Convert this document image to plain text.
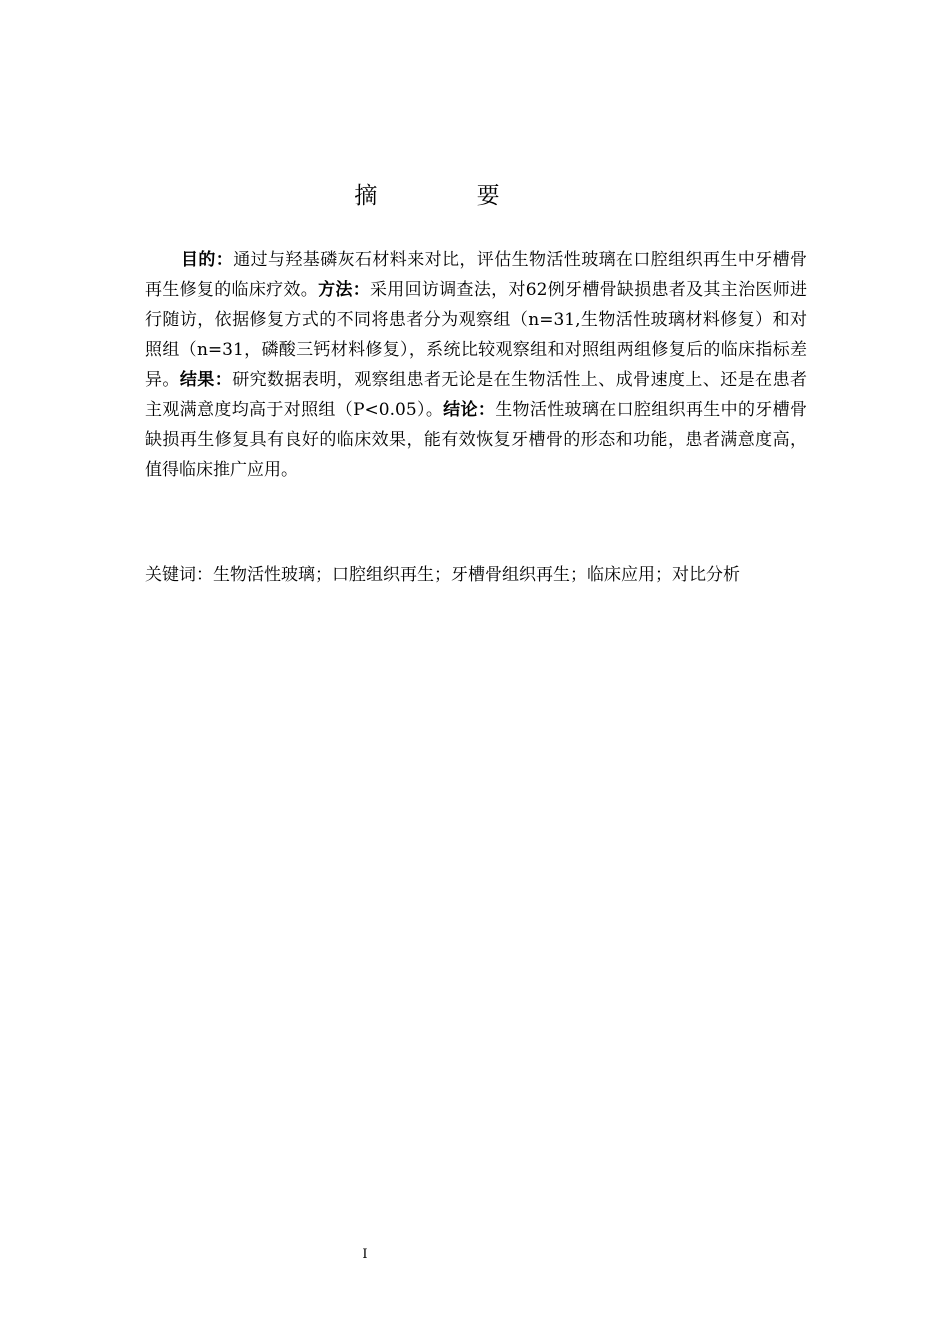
摘 要

目的：通过与羟基磷灰石材料来对比，评估生物活性玻璃在口腔组织再生中牙槽骨再生修复的临床疗效。方法：采用回访调查法，对62例牙槽骨缺损患者及其主治医师进行随访，依据修复方式的不同将患者分为观察组（n=31,生物活性玻璃材料修复）和对照组（n=31，磷酸三钙材料修复），系统比较观察组和对照组两组修复后的临床指标差异。结果：研究数据表明，观察组患者无论是在生物活性上、成骨速度上、还是在患者主观满意度均高于对照组（P<0.05）。结论：生物活性玻璃在口腔组织再生中的牙槽骨缺损再生修复具有良好的临床效果，能有效恢复牙槽骨的形态和功能，患者满意度高，值得临床推广应用。

关键词：生物活性玻璃；口腔组织再生；牙槽骨组织再生；临床应用；对比分析

I
